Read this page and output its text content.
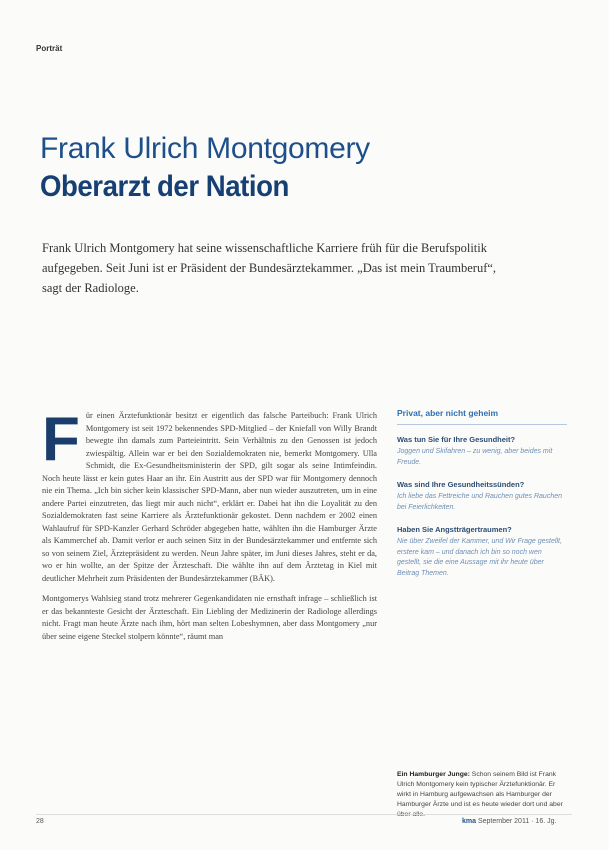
Porträt
Frank Ulrich Montgomery
Oberarzt der Nation
Frank Ulrich Montgomery hat seine wissenschaftliche Karriere früh für die Berufspolitik aufgegeben. Seit Juni ist er Präsident der Bundesärztekammer. „Das ist mein Traumberuf“, sagt der Radiologe.

Für einen Ärztefunktionär besitzt er eigentlich das falsche Parteibuch: Frank Ulrich Montgomery ist seit 1972 bekennendes SPD-Mitglied – der Kniefall von Willy Brandt bewegte ihn damals zum Parteieintritt. Sein Verhältnis zu den Genossen ist jedoch zwiespältig. Allein war er bei den Sozialdemokraten nie, bemerkt Montgomery. Ulla Schmidt, die Ex-Gesundheitsministerin der SPD, gilt sogar als seine Intimfeindin. Noch heute lässt er kein gutes Haar an ihr. Ein Austritt aus der SPD war für Montgomery dennoch nie ein Thema. „Ich bin sicher kein klassischer SPD-Mann, aber nun wieder auszutreten, um in eine andere Partei einzutreten, das liegt mir auch nicht“, erklärt er. Dabei hat ihn die Loyalität zu den Sozialdemokraten fast seine Karriere als Ärztefunktionär gekostet. Denn nachdem er 2002 einen Wahlaufruf für SPD-Kanzler Gerhard Schröder abgegeben hatte, wählten ihn die Hamburger Ärzte als Kammerchef ab. Damit verlor er auch seinen Sitz in der Bundesärztekammer und entfernte sich so von seinem Ziel, Ärztepräsident zu werden. Neun Jahre später, im Juni dieses Jahres, steht er da, wo er hin wollte, an der Spitze der Ärzteschaft. Die wählte ihn auf dem Ärztetag in Kiel mit deutlicher Mehrheit zum Präsidenten der Bundesärztekammer (BÄK).

Montgomerys Wahlsieg stand trotz mehrerer Gegenkandidaten nie ernsthaft infrage – schließlich ist er das bekannteste Gesicht der Ärzteschaft. Ein Liebling der Medizinerin der Radiologe allerdings nicht. Fragt man heute Ärzte nach ihm, hört man selten Lobeshymnen, aber dass Montgomery „nur über seine eigene Steckel stolpern könnte“, räumt man

Privat, aber nicht geheim
Was tun Sie für Ihre Gesundheit?
Joggen und Skifahren – zu wenig, aber beides mit Freude.
Was sind Ihre Gesundheitssünden?
Ich liebe das Fettreiche und Rauchen gutes Rauchen bei Feierlichkeiten.
Haben Sie Angstträgertraumen?
Nie über Zweifel der Kammer, und Wir Frage gestellt, erstere kam – und danach ich bin so noch wen gestellt, sie die eine Aussage mit ihr heute über Beitrag Themen.
Ein Hamburger Junge: Schon seinem Bild ist Frank Ulrich Montgomery kein typischer Ärztefunktionär. Er wirkt in Hamburg aufgewachsen als Hamburger der Hamburger Ärzte und ist es heute wieder dort und aber
28	kma September 2011 · 16. Jg.
